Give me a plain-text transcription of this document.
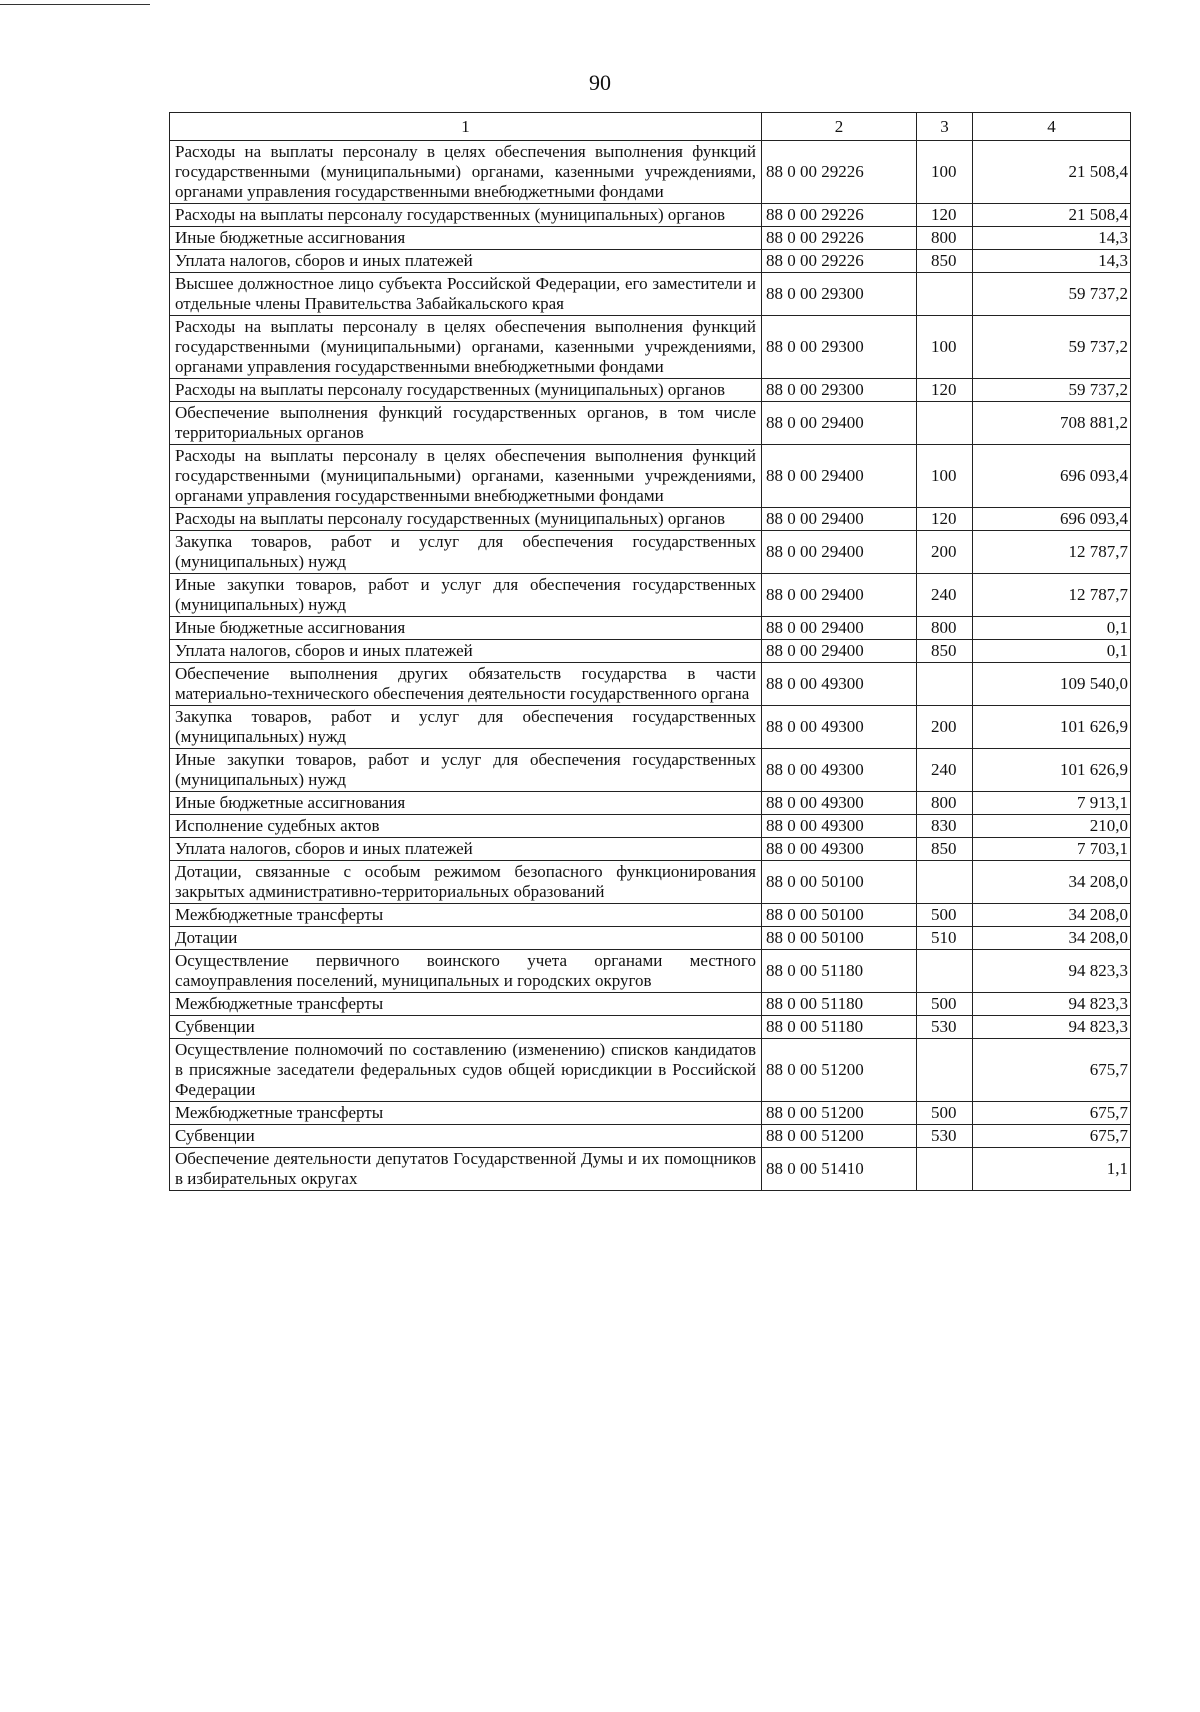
90
1	2	3	4
Расходы на выплаты персоналу в целях обеспечения выполнения функций государственными (муниципальными) органами, казенными учреждениями, органами управления государственными внебюджетными фондами	88 0 00 29226	100	21 508,4
Расходы на выплаты персоналу государственных (муниципальных) органов	88 0 00 29226	120	21 508,4
Иные бюджетные ассигнования	88 0 00 29226	800	14,3
Уплата налогов, сборов и иных платежей	88 0 00 29226	850	14,3
Высшее должностное лицо субъекта Российской Федерации, его заместители и отдельные члены Правительства Забайкальского края	88 0 00 29300		59 737,2
Расходы на выплаты персоналу в целях обеспечения выполнения функций государственными (муниципальными) органами, казенными учреждениями, органами управления государственными внебюджетными фондами	88 0 00 29300	100	59 737,2
Расходы на выплаты персоналу государственных (муниципальных) органов	88 0 00 29300	120	59 737,2
Обеспечение выполнения функций государственных органов, в том числе территориальных органов	88 0 00 29400		708 881,2
Расходы на выплаты персоналу в целях обеспечения выполнения функций государственными (муниципальными) органами, казенными учреждениями, органами управления государственными внебюджетными фондами	88 0 00 29400	100	696 093,4
Расходы на выплаты персоналу государственных (муниципальных) органов	88 0 00 29400	120	696 093,4
Закупка товаров, работ и услуг для обеспечения государственных (муниципальных) нужд	88 0 00 29400	200	12 787,7
Иные закупки товаров, работ и услуг для обеспечения государственных (муниципальных) нужд	88 0 00 29400	240	12 787,7
Иные бюджетные ассигнования	88 0 00 29400	800	0,1
Уплата налогов, сборов и иных платежей	88 0 00 29400	850	0,1
Обеспечение выполнения других обязательств государства в части материально-технического обеспечения деятельности государственного органа	88 0 00 49300		109 540,0
Закупка товаров, работ и услуг для обеспечения государственных (муниципальных) нужд	88 0 00 49300	200	101 626,9
Иные закупки товаров, работ и услуг для обеспечения государственных (муниципальных) нужд	88 0 00 49300	240	101 626,9
Иные бюджетные ассигнования	88 0 00 49300	800	7 913,1
Исполнение судебных актов	88 0 00 49300	830	210,0
Уплата налогов, сборов и иных платежей	88 0 00 49300	850	7 703,1
Дотации, связанные с особым режимом безопасного функционирования закрытых административно-территориальных образований	88 0 00 50100		34 208,0
Межбюджетные трансферты	88 0 00 50100	500	34 208,0
Дотации	88 0 00 50100	510	34 208,0
Осуществление первичного воинского учета органами местного самоуправления поселений, муниципальных и городских округов	88 0 00 51180		94 823,3
Межбюджетные трансферты	88 0 00 51180	500	94 823,3
Субвенции	88 0 00 51180	530	94 823,3
Осуществление полномочий по составлению (изменению) списков кандидатов в присяжные заседатели федеральных судов общей юрисдикции в Российской Федерации	88 0 00 51200		675,7
Межбюджетные трансферты	88 0 00 51200	500	675,7
Субвенции	88 0 00 51200	530	675,7
Обеспечение деятельности депутатов Государственной Думы и их помощников в избирательных округах	88 0 00 51410		1,1
